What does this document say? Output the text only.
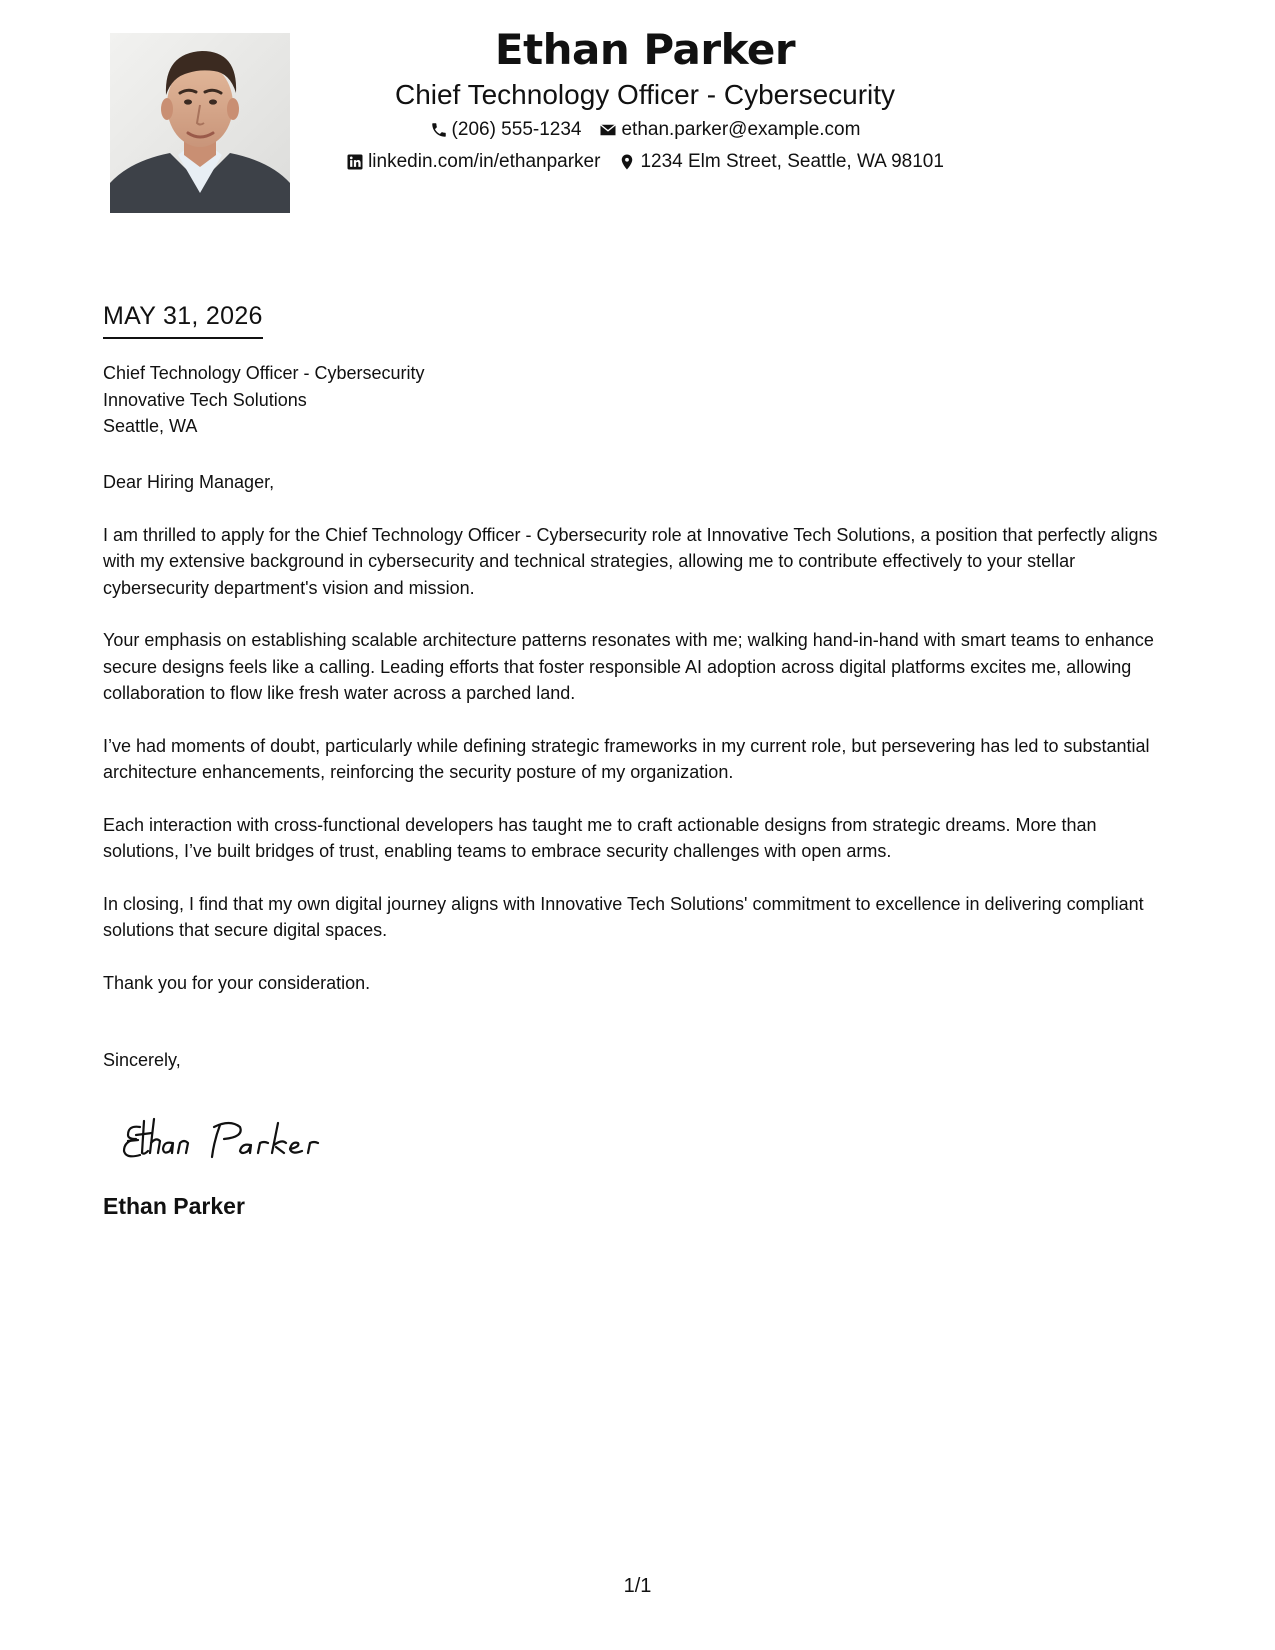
Ethan Parker
Chief Technology Officer - Cybersecurity
(206) 555-1234 ethan.parker@example.com
linkedin.com/in/ethanparker 1234 Elm Street, Seattle, WA 98101
MAY 31, 2026
Chief Technology Officer - Cybersecurity
Innovative Tech Solutions
Seattle, WA

Dear Hiring Manager,

I am thrilled to apply for the Chief Technology Officer - Cybersecurity role at Innovative Tech Solutions, a position that perfectly aligns with my extensive background in cybersecurity and technical strategies, allowing me to contribute effectively to your stellar cybersecurity department's vision and mission.

Your emphasis on establishing scalable architecture patterns resonates with me; walking hand-in-hand with smart teams to enhance secure designs feels like a calling. Leading efforts that foster responsible AI adoption across digital platforms excites me, allowing collaboration to flow like fresh water across a parched land.

I’ve had moments of doubt, particularly while defining strategic frameworks in my current role, but persevering has led to substantial architecture enhancements, reinforcing the security posture of my organization.

Each interaction with cross-functional developers has taught me to craft actionable designs from strategic dreams. More than solutions, I’ve built bridges of trust, enabling teams to embrace security challenges with open arms.

In closing, I find that my own digital journey aligns with Innovative Tech Solutions' commitment to excellence in delivering compliant solutions that secure digital spaces.

Thank you for your consideration.

Sincerely,
Ethan Parker
1/1
